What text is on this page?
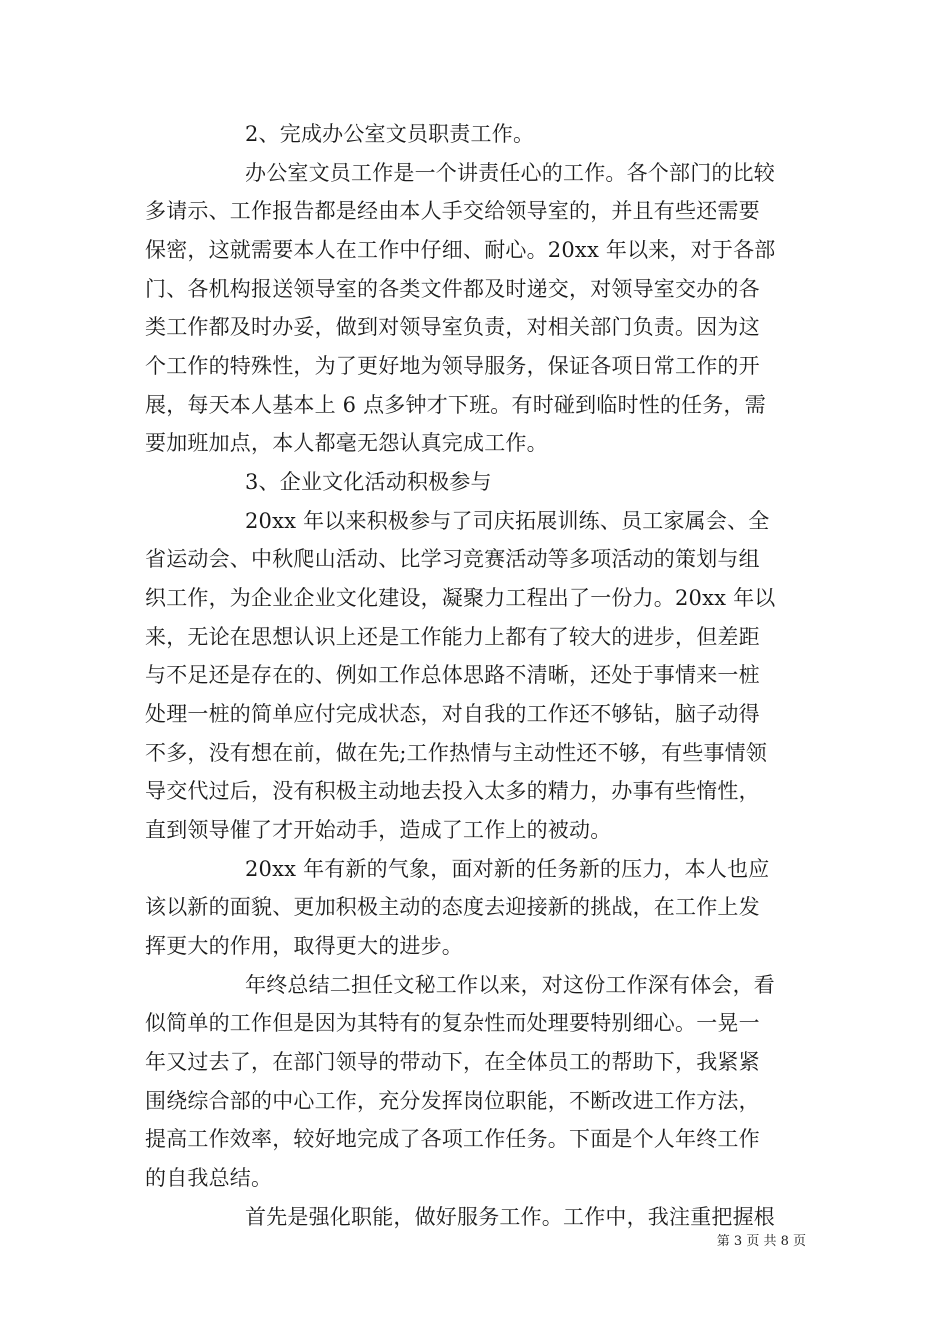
2、完成办公室文员职责工作。
办公室文员工作是一个讲责任心的工作。各个部门的比较
多请示、工作报告都是经由本人手交给领导室的，并且有些还需要
保密，这就需要本人在工作中仔细、耐心。20xx 年以来，对于各部
门、各机构报送领导室的各类文件都及时递交，对领导室交办的各
类工作都及时办妥，做到对领导室负责，对相关部门负责。因为这
个工作的特殊性，为了更好地为领导服务，保证各项日常工作的开
展，每天本人基本上 6 点多钟才下班。有时碰到临时性的任务，需
要加班加点，本人都毫无怨认真完成工作。
3、企业文化活动积极参与
20xx 年以来积极参与了司庆拓展训练、员工家属会、全
省运动会、中秋爬山活动、比学习竞赛活动等多项活动的策划与组
织工作，为企业企业文化建设，凝聚力工程出了一份力。20xx 年以
来，无论在思想认识上还是工作能力上都有了较大的进步，但差距
与不足还是存在的、例如工作总体思路不清晰，还处于事情来一桩
处理一桩的简单应付完成状态，对自我的工作还不够钻，脑子动得
不多，没有想在前，做在先;工作热情与主动性还不够，有些事情领
导交代过后，没有积极主动地去投入太多的精力，办事有些惰性，
直到领导催了才开始动手，造成了工作上的被动。
20xx 年有新的气象，面对新的任务新的压力，本人也应
该以新的面貌、更加积极主动的态度去迎接新的挑战，在工作上发
挥更大的作用，取得更大的进步。
年终总结二担任文秘工作以来，对这份工作深有体会，看
似简单的工作但是因为其特有的复杂性而处理要特别细心。一晃一
年又过去了，在部门领导的带动下，在全体员工的帮助下，我紧紧
围绕综合部的中心工作，充分发挥岗位职能，不断改进工作方法，
提高工作效率，较好地完成了各项工作任务。下面是个人年终工作
的自我总结。
首先是强化职能，做好服务工作。工作中，我注重把握根
第 3 页 共 8 页
